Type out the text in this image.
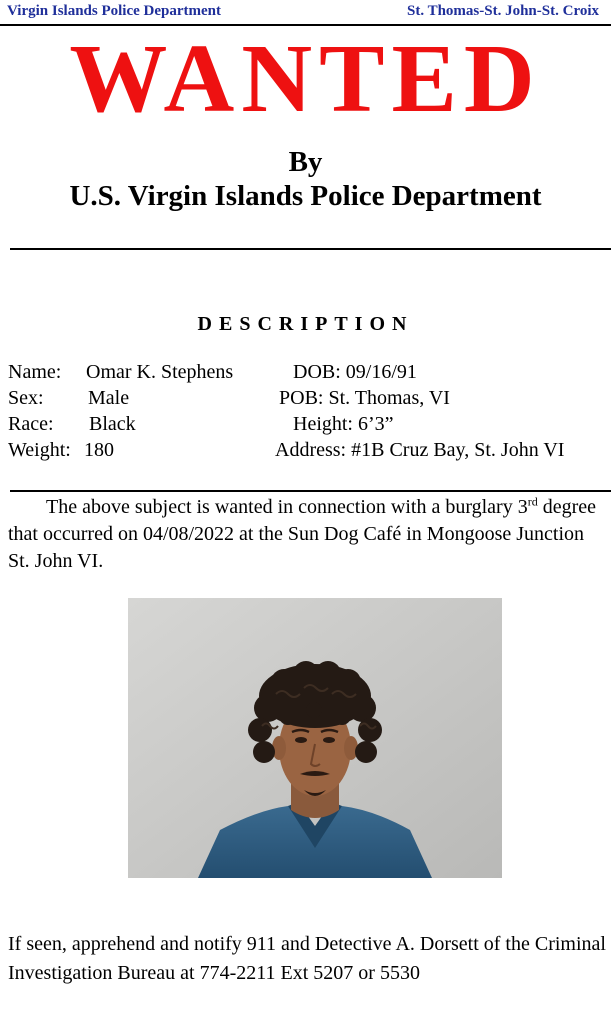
Virgin Islands Police Department	St. Thomas-St. John-St. Croix
WANTED
By
U.S. Virgin Islands Police Department
DESCRIPTION
Name:
Sex:
Race:
Weight:
Omar K. Stephens
Male
Black
180
DOB: 09/16/91
POB: St. Thomas, VI
Height: 6’3”
Address: #1B Cruz Bay, St. John VI
The above subject is wanted in connection with a burglary 3rd degree that occurred on 04/08/2022 at the Sun Dog Café in Mongoose Junction St. John VI.
If seen, apprehend and notify 911 and Detective A. Dorsett of the Criminal Investigation Bureau at 774-2211 Ext 5207 or 5530
